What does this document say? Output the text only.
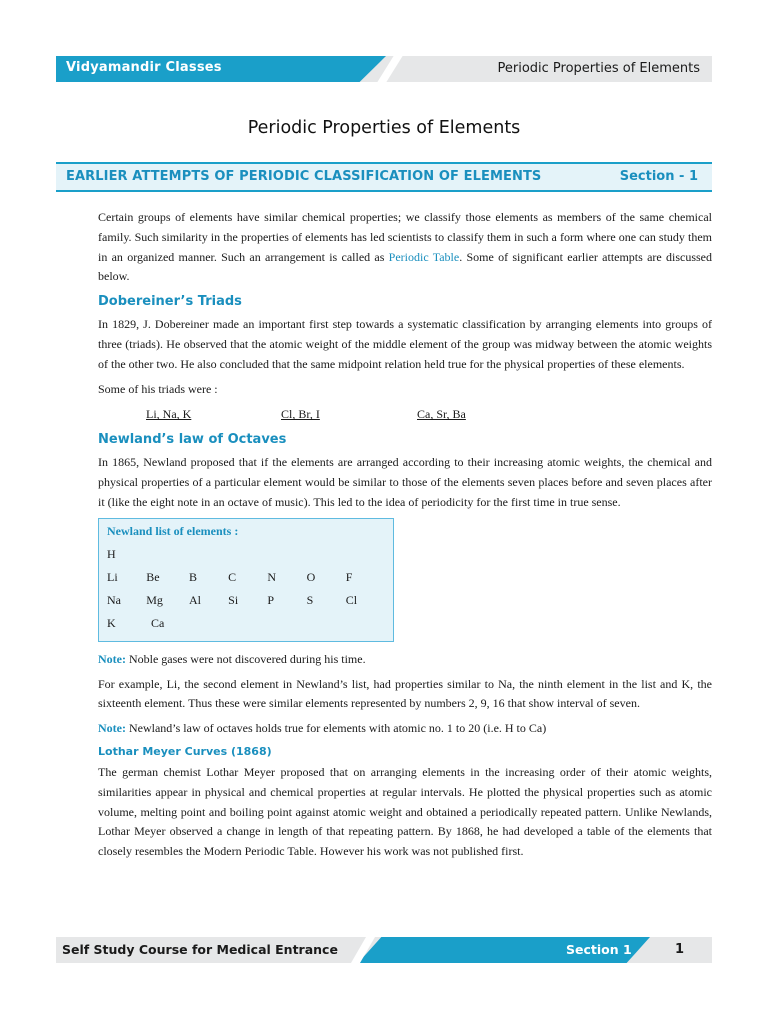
Vidyamandir Classes	Periodic Properties of Elements
Periodic Properties of Elements
EARLIER ATTEMPTS OF PERIODIC CLASSIFICATION OF ELEMENTS	Section - 1

Certain groups of elements have similar chemical properties; we classify those elements as members of the same chemical family. Such similarity in the properties of elements has led scientists to classify them in such a form where one can study them in an organized manner. Such an arrangement is called as Periodic Table. Some of significant earlier attempts are discussed below.

Dobereiner’s Triads

In 1829, J. Dobereiner made an important first step towards a systematic classification by arranging elements into groups of three (triads). He observed that the atomic weight of the middle element of the group was midway between the atomic weights of the other two. He also concluded that the same midpoint relation held true for the physical properties of these elements.

Some of his triads were :

Li, Na, K	Cl, Br, I	Ca, Sr, Ba
Newland’s law of Octaves

In 1865, Newland proposed that if the elements are arranged according to their increasing atomic weights, the chemical and physical properties of a particular element would be similar to those of the elements seven places before and seven places after it (like the eight note in an octave of music). This led to the idea of periodicity for the first time in true sense.

Newland list of elements :
H
Li	Be	B	C	N	O	F
Na	Mg	Al	Si	P	S	Cl
K	Ca

Note: Noble gases were not discovered during his time.

For example, Li, the second element in Newland’s list, had properties similar to Na, the ninth element in the list and K, the sixteenth element. Thus these were similar elements represented by numbers 2, 9, 16 that show interval of seven.

Note: Newland’s law of octaves holds true for elements with atomic no. 1 to 20 (i.e. H to Ca)

Lothar Meyer Curves (1868)

The german chemist Lothar Meyer proposed that on arranging elements in the increasing order of their atomic weights, similarities appear in physical and chemical properties at regular intervals. He plotted the physical properties such as atomic volume, melting point and boiling point against atomic weight and obtained a periodically repeated pattern. Unlike Newlands, Lothar Meyer observed a change in length of that repeating pattern. By 1868, he had developed a table of the elements that closely resembles the Modern Periodic Table. However his work was not published first.

Self Study Course for Medical Entrance	Section 1	1
